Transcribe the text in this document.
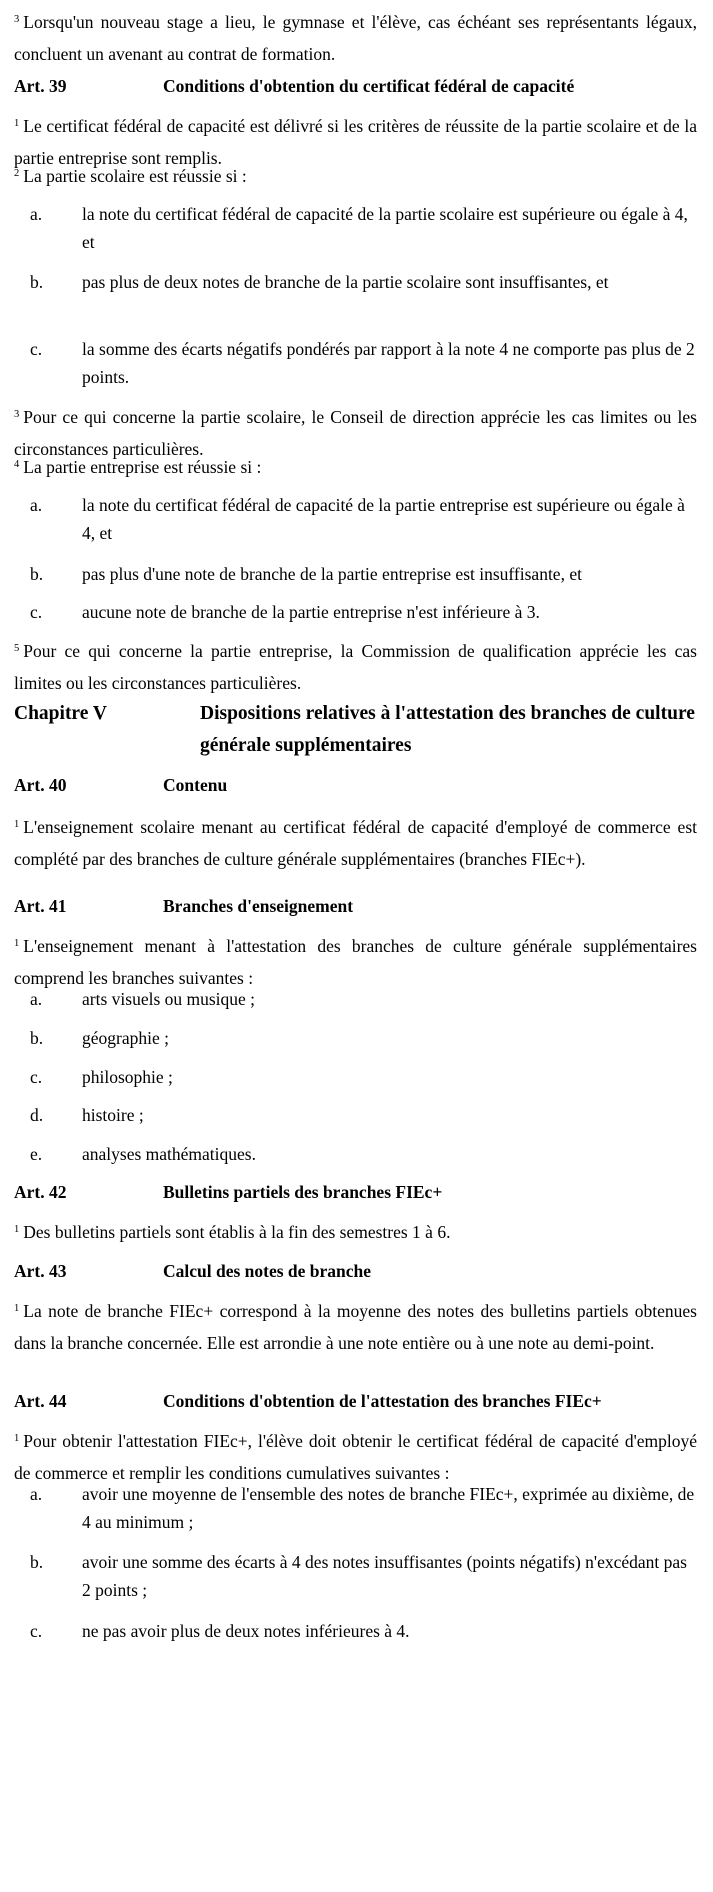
$^3$ Lorsqu'un nouveau stage a lieu, le gymnase et l'élève, cas échéant ses représentants légaux, concluent un avenant au contrat de formation.
Art. 39	Conditions d'obtention du certificat fédéral de capacité
$^1$ Le certificat fédéral de capacité est délivré si les critères de réussite de la partie scolaire et de la partie entreprise sont remplis.
$^2$ La partie scolaire est réussie si :
a.	la note du certificat fédéral de capacité de la partie scolaire est supérieure ou égale à 4, et
b.	pas plus de deux notes de branche de la partie scolaire sont insuffisantes, et
c.	la somme des écarts négatifs pondérés par rapport à la note 4 ne comporte pas plus de 2 points.
$^3$ Pour ce qui concerne la partie scolaire, le Conseil de direction apprécie les cas limites ou les circonstances particulières.
$^4$ La partie entreprise est réussie si :
a.	la note du certificat fédéral de capacité de la partie entreprise est supérieure ou égale à 4, et
b.	pas plus d'une note de branche de la partie entreprise est insuffisante, et
c.	aucune note de branche de la partie entreprise n'est inférieure à 3.
$^5$ Pour ce qui concerne la partie entreprise, la Commission de qualification apprécie les cas limites ou les circonstances particulières.
Chapitre V	Dispositions relatives à l'attestation des branches de culture générale supplémentaires
Art. 40	Contenu
$^1$ L'enseignement scolaire menant au certificat fédéral de capacité d'employé de commerce est complété par des branches de culture générale supplémentaires (branches FIEc+).
Art. 41	Branches d'enseignement
$^1$ L'enseignement menant à l'attestation des branches de culture générale supplémentaires comprend les branches suivantes :
a.	arts visuels ou musique ;
b.	géographie ;
c.	philosophie ;
d.	histoire ;
e.	analyses mathématiques.
Art. 42	Bulletins partiels des branches FIEc+
$^1$ Des bulletins partiels sont établis à la fin des semestres 1 à 6.
Art. 43	Calcul des notes de branche
$^1$ La note de branche FIEc+ correspond à la moyenne des notes des bulletins partiels obtenues dans la branche concernée. Elle est arrondie à une note entière ou à une note au demi-point.
Art. 44	Conditions d'obtention de l'attestation des branches FIEc+
$^1$ Pour obtenir l'attestation FIEc+, l'élève doit obtenir le certificat fédéral de capacité d'employé de commerce et remplir les conditions cumulatives suivantes :
a.	avoir une moyenne de l'ensemble des notes de branche FIEc+, exprimée au dixième, de 4 au minimum ;
b.	avoir une somme des écarts à 4 des notes insuffisantes (points négatifs) n'excédant pas 2 points ;
c.	ne pas avoir plus de deux notes inférieures à 4.
